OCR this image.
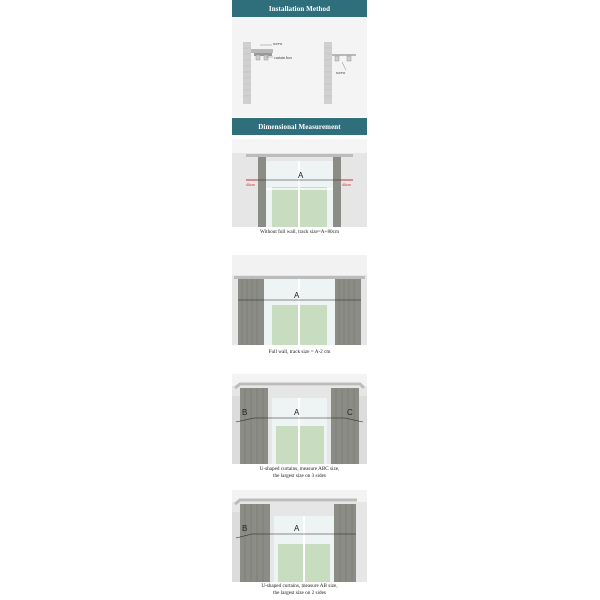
Installation Method
screw
curtain box
screw
Dimensional Measurement
A
40cm	40cm
Without full wall, track size=A+80cm
A
Full wall, track size = A-2 cm
B	A	C
U-shaped curtains, measure ABC size,
the largest size on 3 sides
B	A
U-shaped curtains, measure AB size,
the largest size on 2 sides
